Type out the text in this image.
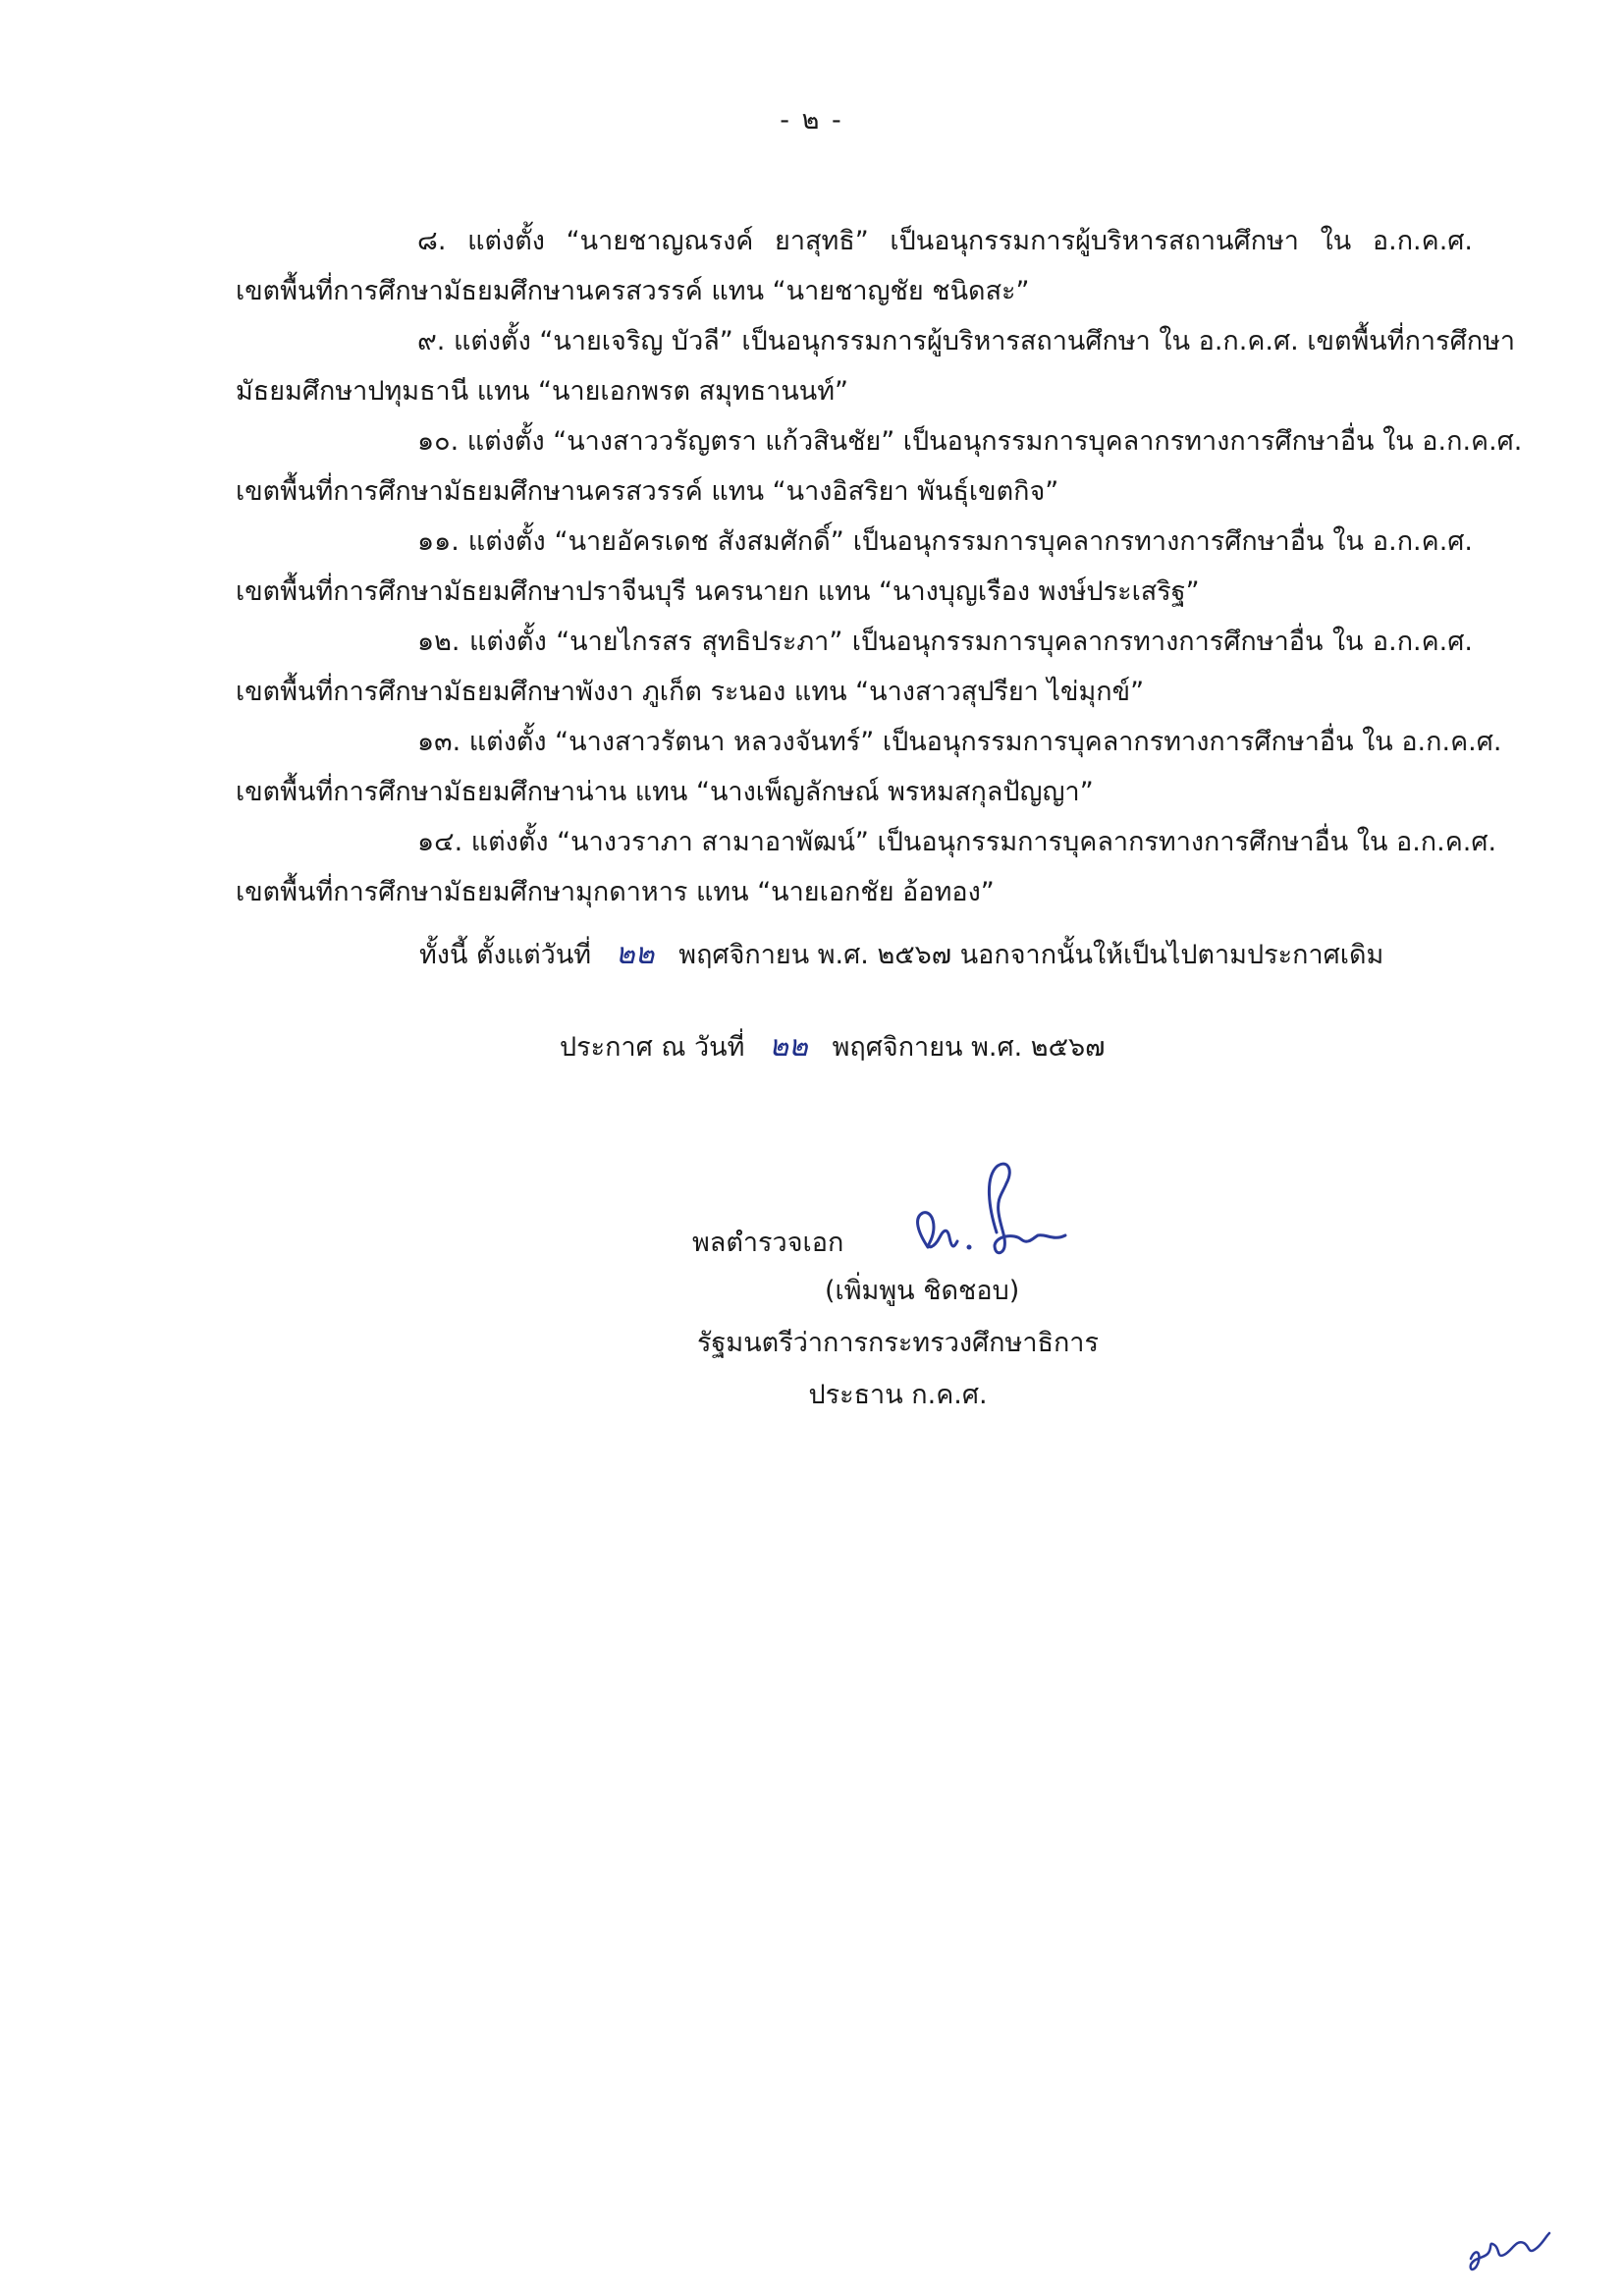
- ๒ -
๘. แต่งตั้ง “นายชาญณรงค์ ยาสุทธิ” เป็นอนุกรรมการผู้บริหารสถานศึกษา ใน อ.ก.ค.ศ.
เขตพื้นที่การศึกษามัธยมศึกษานครสวรรค์ แทน “นายชาญชัย ชนิดสะ”
๙. แต่งตั้ง “นายเจริญ บัวลี” เป็นอนุกรรมการผู้บริหารสถานศึกษา ใน อ.ก.ค.ศ. เขตพื้นที่การศึกษา
มัธยมศึกษาปทุมธานี แทน “นายเอกพรต สมุทธานนท์”
๑๐. แต่งตั้ง “นางสาววรัญตรา แก้วสินชัย” เป็นอนุกรรมการบุคลากรทางการศึกษาอื่น ใน อ.ก.ค.ศ.
เขตพื้นที่การศึกษามัธยมศึกษานครสวรรค์ แทน “นางอิสริยา พันธุ์เขตกิจ”
๑๑. แต่งตั้ง “นายอัครเดช สังสมศักดิ์” เป็นอนุกรรมการบุคลากรทางการศึกษาอื่น ใน อ.ก.ค.ศ.
เขตพื้นที่การศึกษามัธยมศึกษาปราจีนบุรี นครนายก แทน “นางบุญเรือง พงษ์ประเสริฐ”
๑๒. แต่งตั้ง “นายไกรสร สุทธิประภา” เป็นอนุกรรมการบุคลากรทางการศึกษาอื่น ใน อ.ก.ค.ศ.
เขตพื้นที่การศึกษามัธยมศึกษาพังงา ภูเก็ต ระนอง แทน “นางสาวสุปรียา ไข่มุกข์”
๑๓. แต่งตั้ง “นางสาวรัตนา หลวงจันทร์” เป็นอนุกรรมการบุคลากรทางการศึกษาอื่น ใน อ.ก.ค.ศ.
เขตพื้นที่การศึกษามัธยมศึกษาน่าน แทน “นางเพ็ญลักษณ์ พรหมสกุลปัญญา”
๑๔. แต่งตั้ง “นางวราภา สามาอาพัฒน์” เป็นอนุกรรมการบุคลากรทางการศึกษาอื่น ใน อ.ก.ค.ศ.
เขตพื้นที่การศึกษามัธยมศึกษามุกดาหาร แทน “นายเอกชัย อ้อทอง”
ทั้งนี้ ตั้งแต่วันที่ ๒๒ พฤศจิกายน พ.ศ. ๒๕๖๗ นอกจากนั้นให้เป็นไปตามประกาศเดิม
ประกาศ ณ วันที่ ๒๒ พฤศจิกายน พ.ศ. ๒๕๖๗
พลตำรวจเอก
(เพิ่มพูน ชิดชอบ)
รัฐมนตรีว่าการกระทรวงศึกษาธิการ
ประธาน ก.ค.ศ.
